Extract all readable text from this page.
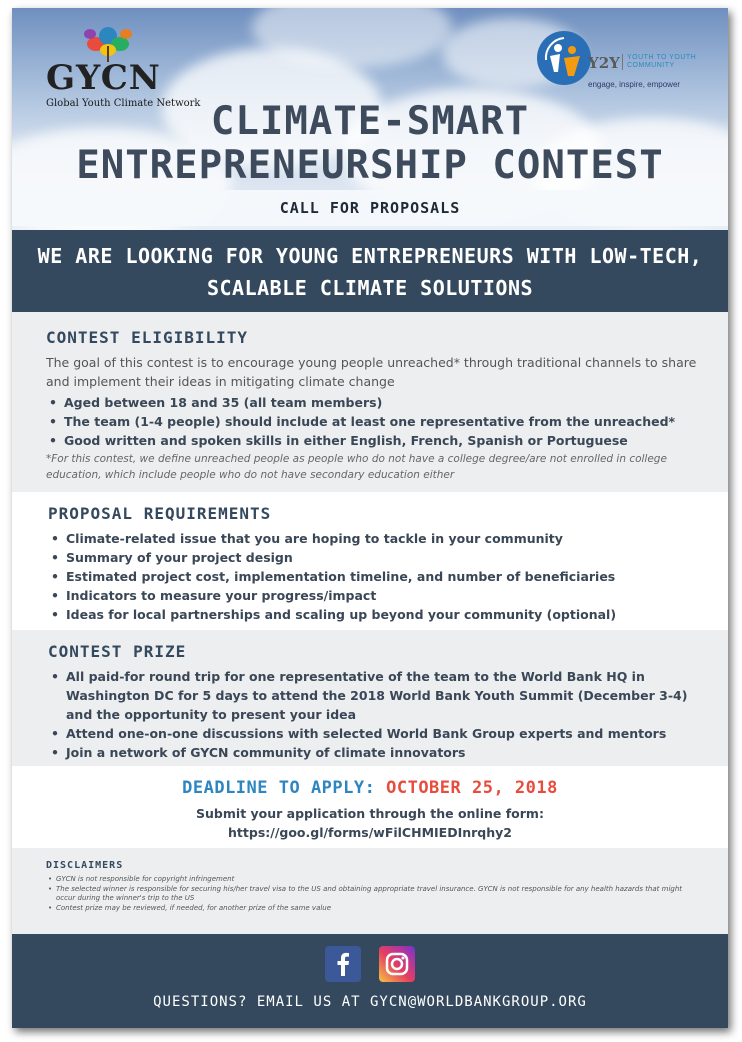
GYCN
Global Youth Climate Network
Y2Y	YOUTH TO YOUTH COMMUNITY
engage, inspire, empower
CLIMATE-SMART
ENTREPRENEURSHIP CONTEST
CALL FOR PROPOSALS
WE ARE LOOKING FOR YOUNG ENTREPRENEURS WITH LOW-TECH,
SCALABLE CLIMATE SOLUTIONS
CONTEST ELIGIBILITY
The goal of this contest is to encourage young people unreached* through traditional channels to share and implement their ideas in mitigating climate change
• Aged between 18 and 35 (all team members)
• The team (1-4 people) should include at least one representative from the unreached*
• Good written and spoken skills in either English, French, Spanish or Portuguese
*For this contest, we define unreached people as people who do not have a college degree/are not enrolled in college education, which include people who do not have secondary education either
PROPOSAL REQUIREMENTS
• Climate-related issue that you are hoping to tackle in your community
• Summary of your project design
• Estimated project cost, implementation timeline, and number of beneficiaries
• Indicators to measure your progress/impact
• Ideas for local partnerships and scaling up beyond your community (optional)
CONTEST PRIZE
• All paid-for round trip for one representative of the team to the World Bank HQ in Washington DC for 5 days to attend the 2018 World Bank Youth Summit (December 3-4) and the opportunity to present your idea
• Attend one-on-one discussions with selected World Bank Group experts and mentors
• Join a network of GYCN community of climate innovators
DEADLINE TO APPLY: OCTOBER 25, 2018
Submit your application through the online form:
https://goo.gl/forms/wFilCHMIEDInrqhy2
DISCLAIMERS
• GYCN is not responsible for copyright infringement
• The selected winner is responsible for securing his/her travel visa to the US and obtaining appropriate travel insurance. GYCN is not responsible for any health hazards that might occur during the winner's trip to the US
• Contest prize may be reviewed, if needed, for another prize of the same value
QUESTIONS? EMAIL US AT GYCN@WORLDBANKGROUP.ORG
